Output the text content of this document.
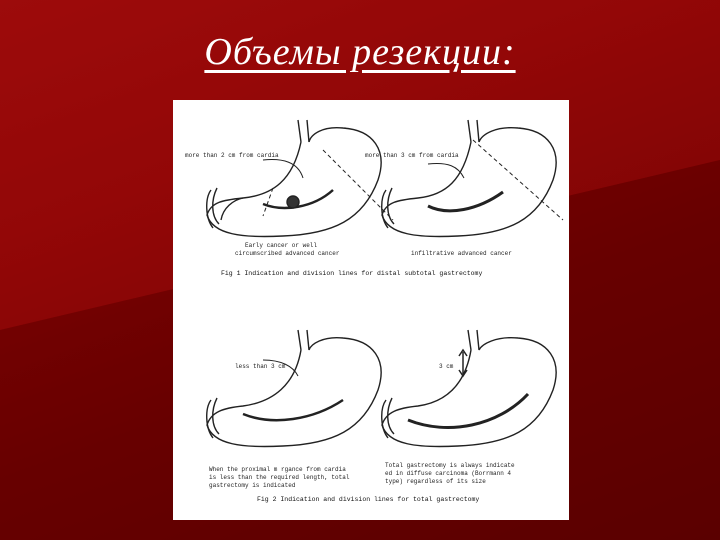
Объемы резекции:
more than 2 cm from cardia	more than 3 cm from cardia
Early cancer or well
circumscribed advanced cancer	infiltrative advanced cancer
Fig 1 Indication and division lines for distal subtotal gastrectomy
less than 3 cm	3 cm
When the proximal m rgance from cardia
is less than the required length, total
gastrectomy is indicated
Total gastrectomy is always indicate
ed in diffuse carcinoma (Borrmann 4
type) regardless of its size
Fig 2 Indication and division lines for total gastrectomy
